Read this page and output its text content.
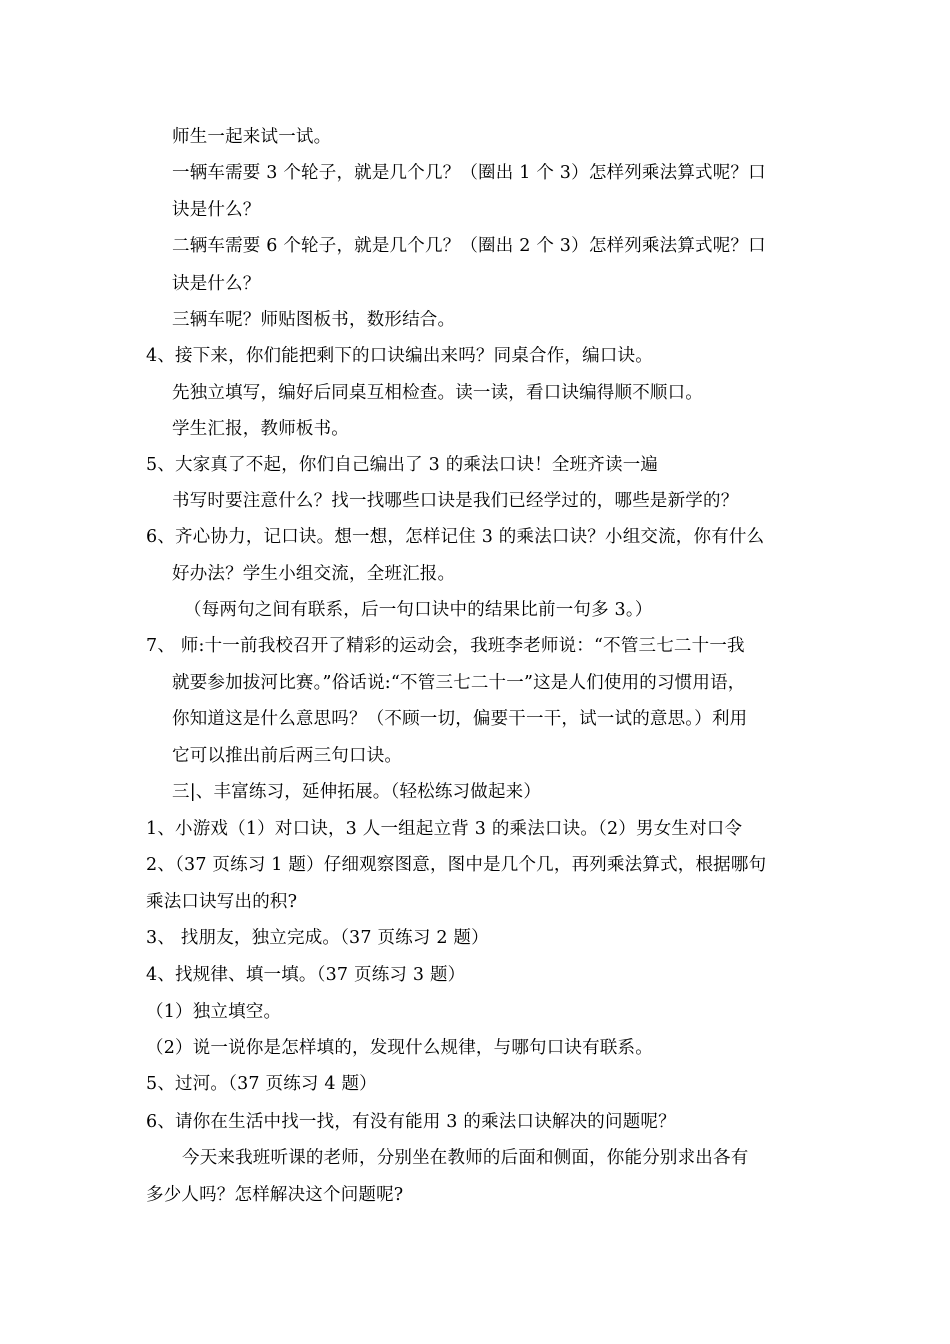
师生一起来试一试。
一辆车需要 3 个轮子，就是几个几？（圈出 1 个 3）怎样列乘法算式呢？口
诀是什么？
二辆车需要 6 个轮子，就是几个几？（圈出 2 个 3）怎样列乘法算式呢？口
诀是什么？
三辆车呢？师贴图板书，数形结合。
4、接下来，你们能把剩下的口诀编出来吗？同桌合作，编口诀。
先独立填写，编好后同桌互相检查。读一读，看口诀编得顺不顺口。
学生汇报，教师板书。
5、大家真了不起，你们自己编出了 3 的乘法口诀！全班齐读一遍
书写时要注意什么？找一找哪些口诀是我们已经学过的，哪些是新学的？
6、齐心协力，记口诀。想一想，怎样记住 3 的乘法口诀？小组交流，你有什么
好办法？学生小组交流，全班汇报。
（每两句之间有联系，后一句口诀中的结果比前一句多 3。）
7、 师:十一前我校召开了精彩的运动会，我班李老师说：“不管三七二十一我
就要参加拔河比赛。”俗话说:“不管三七二十一”这是人们使用的习惯用语，
你知道这是什么意思吗？（不顾一切，偏要干一干，试一试的意思。）利用
它可以推出前后两三句口诀。
三|、丰富练习，延伸拓展。（轻松练习做起来）
1、小游戏（1）对口诀，3 人一组起立背 3 的乘法口诀。（2）男女生对口令
2、（37 页练习 1 题）仔细观察图意，图中是几个几，再列乘法算式，根据哪句
乘法口诀写出的积?
3、 找朋友，独立完成。（37 页练习 2 题）
4、找规律、填一填。（37 页练习 3 题）
（1）独立填空。
（2）说一说你是怎样填的，发现什么规律，与哪句口诀有联系。
5、过河。（37 页练习 4 题）
6、请你在生活中找一找，有没有能用 3 的乘法口诀解决的问题呢？
今天来我班听课的老师，分别坐在教师的后面和侧面，你能分别求出各有
多少人吗？怎样解决这个问题呢?
